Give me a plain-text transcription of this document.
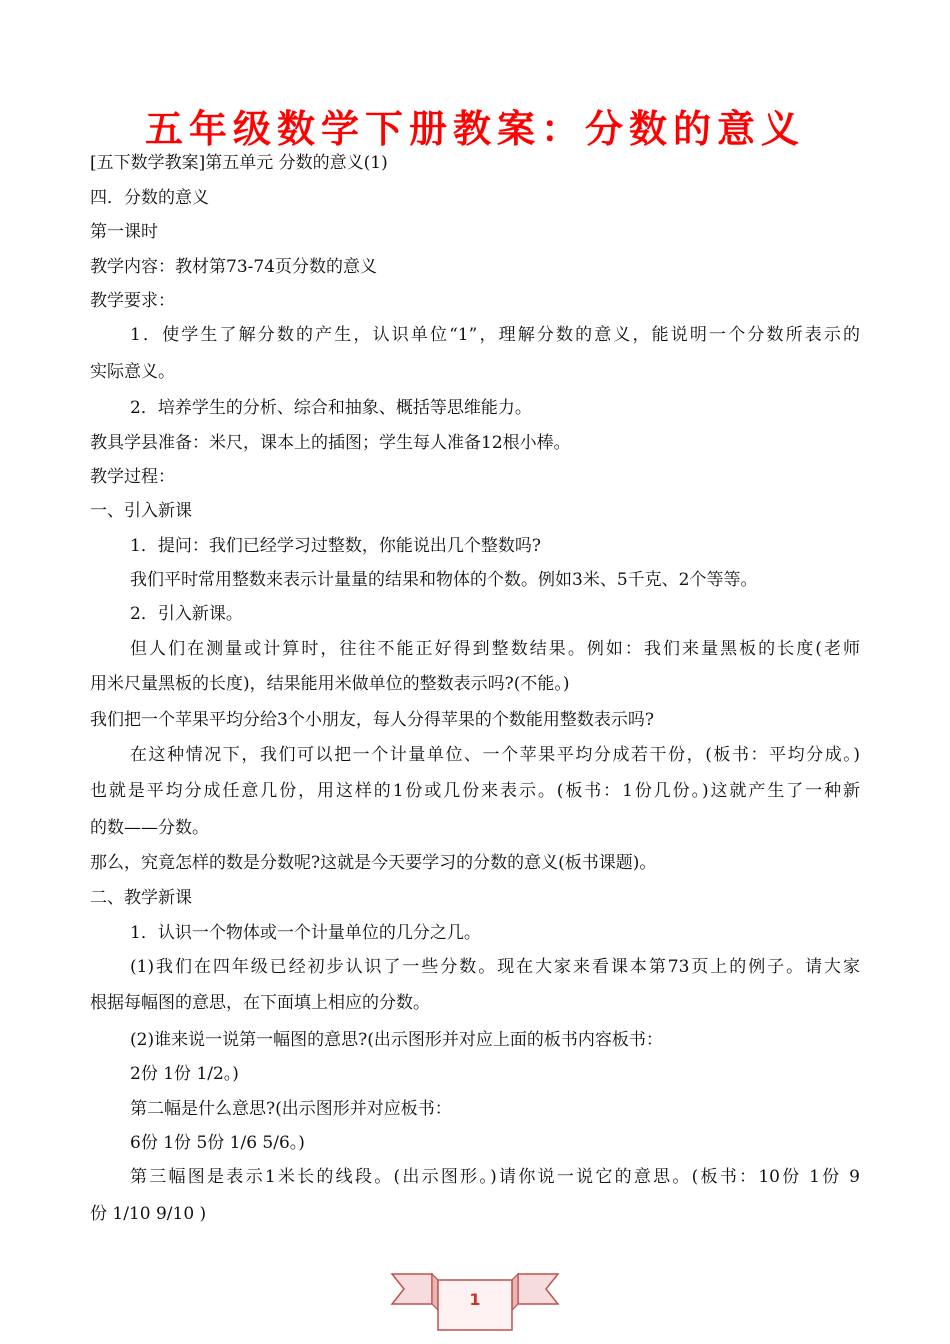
五年级数学下册教案：分数的意义
[五下数学教案]第五单元 分数的意义(1)
四．分数的意义
第一课时
教学内容：教材第73-74页分数的意义
教学要求：
1．使学生了解分数的产生，认识单位“1”，理解分数的意义，能说明一个分数所表示的
实际意义。
2．培养学生的分析、综合和抽象、概括等思维能力。
教具学县准备：米尺，课本上的插图；学生每人准备12根小棒。
教学过程：
一、引入新课
1．提问：我们已经学习过整数，你能说出几个整数吗?
我们平时常用整数来表示计量量的结果和物体的个数。例如3米、5千克、2个等等。
2．引入新课。
但人们在测量或计算时，往往不能正好得到整数结果。例如：我们来量黑板的长度(老师
用米尺量黑板的长度)，结果能用米做单位的整数表示吗?(不能。)
我们把一个苹果平均分给3个小朋友，每人分得苹果的个数能用整数表示吗?
在这种情况下，我们可以把一个计量单位、一个苹果平均分成若干份，(板书：平均分成。)
也就是平均分成任意几份，用这样的1份或几份来表示。(板书：1份几份。)这就产生了一种新
的数——分数。
那么，究竟怎样的数是分数呢?这就是今天要学习的分数的意义(板书课题)。
二、教学新课
1．认识一个物体或一个计量单位的几分之几。
(1)我们在四年级已经初步认识了一些分数。现在大家来看课本第73页上的例子。请大家
根据每幅图的意思，在下面填上相应的分数。
(2)谁来说一说第一幅图的意思?(出示图形并对应上面的板书内容板书：
2份 1份 1/2。)
第二幅是什么意思?(出示图形并对应板书：
6份 1份 5份 1/6 5/6。)
第三幅图是表示1米长的线段。(出示图形。)请你说一说它的意思。(板书：10份 1份 9
份 1/10 9/10 )
1
